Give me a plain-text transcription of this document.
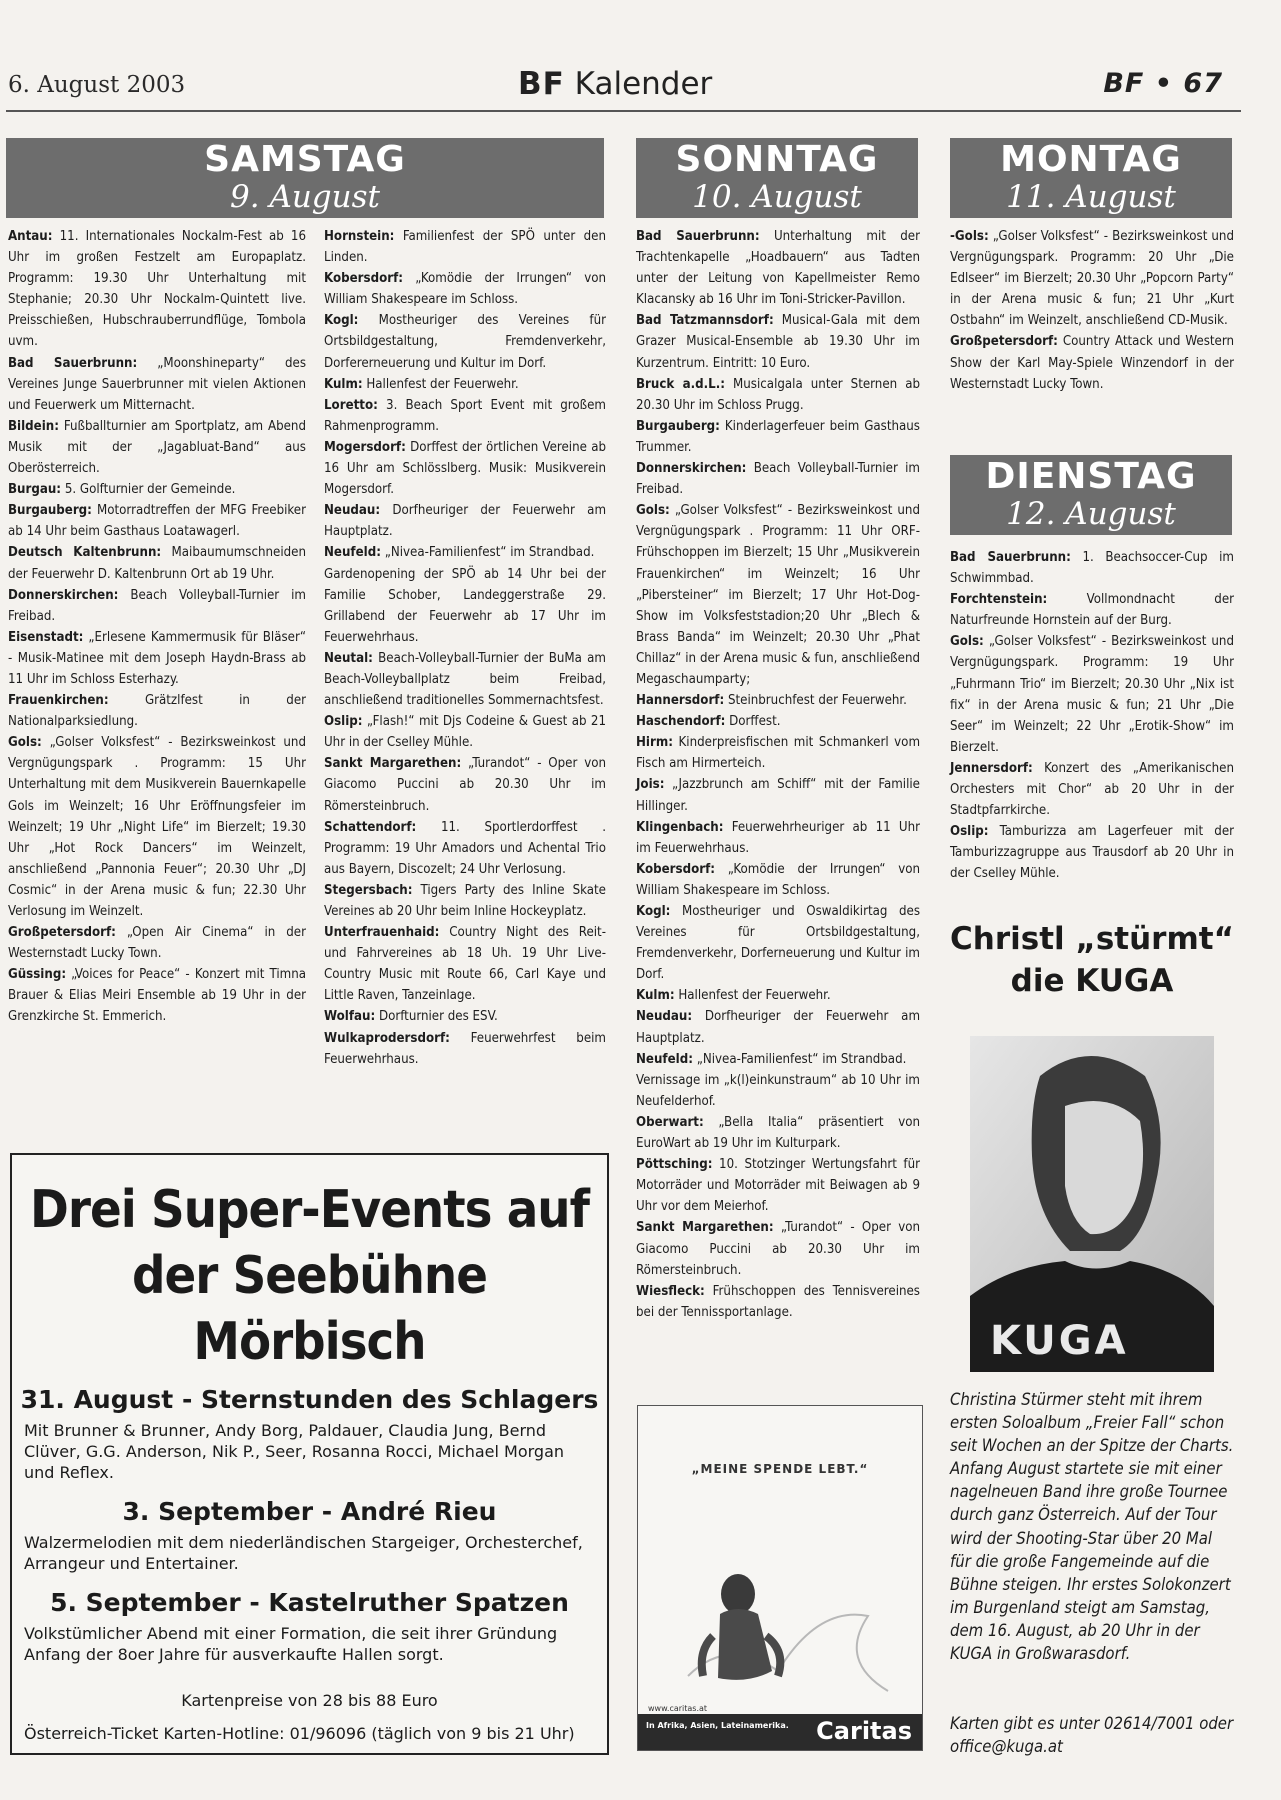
6. August 2003	BF Kalender	BF • 67
SAMSTAG
9. August

Antau: 11. Internationales Nockalm-Fest ab 16 Uhr im großen Festzelt am Europaplatz. Programm: 19.30 Uhr Unterhaltung mit Stephanie; 20.30 Uhr Nockalm-Quintett live. Preisschießen, Hubschrauberrundflüge, Tombola uvm.

Bad Sauerbrunn: „Moonshineparty“ des Vereines Junge Sauerbrunner mit vielen Aktionen und Feuerwerk um Mitternacht.

Bildein: Fußballturnier am Sportplatz, am Abend Musik mit der „Jagabluat-Band“ aus Oberösterreich.

Burgau: 5. Golfturnier der Gemeinde.

Burgauberg: Motorradtreffen der MFG Freebiker ab 14 Uhr beim Gasthaus Loatawagerl.

Deutsch Kaltenbrunn: Maibaumumschneiden der Feuerwehr D. Kaltenbrunn Ort ab 19 Uhr.

Donnerskirchen: Beach Volleyball-Turnier im Freibad.

Eisenstadt: „Erlesene Kammermusik für Bläser“ - Musik-Matinee mit dem Joseph Haydn-Brass ab 11 Uhr im Schloss Esterhazy.

Frauenkirchen: Grätzlfest in der Nationalparksiedlung.

Gols: „Golser Volksfest“ - Bezirksweinkost und Vergnügungspark . Programm: 15 Uhr Unterhaltung mit dem Musikverein Bauernkapelle Gols im Weinzelt; 16 Uhr Eröffnungsfeier im Weinzelt; 19 Uhr „Night Life“ im Bierzelt; 19.30 Uhr „Hot Rock Dancers“ im Weinzelt, anschließend „Pannonia Feuer“; 20.30 Uhr „DJ Cosmic“ in der Arena music & fun; 22.30 Uhr Verlosung im Weinzelt.

Großpetersdorf: „Open Air Cinema“ in der Westernstadt Lucky Town.

Güssing: „Voices for Peace“ - Konzert mit Timna Brauer & Elias Meiri Ensemble ab 19 Uhr in der Grenzkirche St. Emmerich.

Hornstein: Familienfest der SPÖ unter den Linden.

Kobersdorf: „Komödie der Irrungen“ von William Shakespeare im Schloss.

Kogl: Mostheuriger des Vereines für Ortsbildgestaltung, Fremdenverkehr, Dorfererneuerung und Kultur im Dorf.

Kulm: Hallenfest der Feuerwehr.

Loretto: 3. Beach Sport Event mit großem Rahmenprogramm.

Mogersdorf: Dorffest der örtlichen Vereine ab 16 Uhr am Schlösslberg. Musik: Musikverein Mogersdorf.

Neudau: Dorfheuriger der Feuerwehr am Hauptplatz.

Neufeld: „Nivea-Familienfest“ im Strandbad.

Gardenopening der SPÖ ab 14 Uhr bei der Familie Schober, Landeggerstraße 29. Grillabend der Feuerwehr ab 17 Uhr im Feuerwehrhaus.

Neutal: Beach-Volleyball-Turnier der BuMa am Beach-Volleyballplatz beim Freibad, anschließend traditionelles Sommernachtsfest.

Oslip: „Flash!“ mit Djs Codeine & Guest ab 21 Uhr in der Cselley Mühle.

Sankt Margarethen: „Turandot“ - Oper von Giacomo Puccini ab 20.30 Uhr im Römersteinbruch.

Schattendorf: 11. Sportlerdorffest . Programm: 19 Uhr Amadors und Achental Trio aus Bayern, Discozelt; 24 Uhr Verlosung.

Stegersbach: Tigers Party des Inline Skate Vereines ab 20 Uhr beim Inline Hockeyplatz.

Unterfrauenhaid: Country Night des Reit- und Fahrvereines ab 18 Uh. 19 Uhr Live-Country Music mit Route 66, Carl Kaye und Little Raven, Tanzeinlage.

Wolfau: Dorfturnier des ESV.

Wulkaprodersdorf: Feuerwehrfest beim Feuerwehrhaus.

SONNTAG
10. August

Bad Sauerbrunn: Unterhaltung mit der Trachtenkapelle „Hoadbauern“ aus Tadten unter der Leitung von Kapellmeister Remo Klacansky ab 16 Uhr im Toni-Stricker-Pavillon.

Bad Tatzmannsdorf: Musical-Gala mit dem Grazer Musical-Ensemble ab 19.30 Uhr im Kurzentrum. Eintritt: 10 Euro.

Bruck a.d.L.: Musicalgala unter Sternen ab 20.30 Uhr im Schloss Prugg.

Burgauberg: Kinderlagerfeuer beim Gasthaus Trummer.

Donnerskirchen: Beach Volleyball-Turnier im Freibad.

Gols: „Golser Volksfest“ - Bezirksweinkost und Vergnügungspark . Programm: 11 Uhr ORF-Frühschoppen im Bierzelt; 15 Uhr „Musikverein Frauenkirchen“ im Weinzelt; 16 Uhr „Pibersteiner“ im Bierzelt; 17 Uhr Hot-Dog-Show im Volksfeststadion;20 Uhr „Blech & Brass Banda“ im Weinzelt; 20.30 Uhr „Phat Chillaz“ in der Arena music & fun, anschließend Megaschaumparty;

Hannersdorf: Steinbruchfest der Feuerwehr.

Haschendorf: Dorffest.

Hirm: Kinderpreisfischen mit Schmankerl vom Fisch am Hirmerteich.

Jois: „Jazzbrunch am Schiff“ mit der Familie Hillinger.

Klingenbach: Feuerwehrheuriger ab 11 Uhr im Feuerwehrhaus.

Kobersdorf: „Komödie der Irrungen“ von William Shakespeare im Schloss.

Kogl: Mostheuriger und Oswaldikirtag des Vereines für Ortsbildgestaltung, Fremdenverkehr, Dorferneuerung und Kultur im Dorf.

Kulm: Hallenfest der Feuerwehr.

Neudau: Dorfheuriger der Feuerwehr am Hauptplatz.

Neufeld: „Nivea-Familienfest“ im Strandbad.

Vernissage im „k(l)einkunstraum“ ab 10 Uhr im Neufelderhof.

Oberwart: „Bella Italia“ präsentiert von EuroWart ab 19 Uhr im Kulturpark.

Pöttsching: 10. Stotzinger Wertungsfahrt für Motorräder und Motorräder mit Beiwagen ab 9 Uhr vor dem Meierhof.

Sankt Margarethen: „Turandot“ - Oper von Giacomo Puccini ab 20.30 Uhr im Römersteinbruch.

Wiesfleck: Frühschoppen des Tennisvereines bei der Tennissportanlage.

MONTAG
11. August

-Gols: „Golser Volksfest“ - Bezirksweinkost und Vergnügungspark. Programm: 20 Uhr „Die Edlseer“ im Bierzelt; 20.30 Uhr „Popcorn Party“ in der Arena music & fun; 21 Uhr „Kurt Ostbahn“ im Weinzelt, anschließend CD-Musik.

Großpetersdorf: Country Attack und Western Show der Karl May-Spiele Winzendorf in der Westernstadt Lucky Town.

DIENSTAG
12. August

Bad Sauerbrunn: 1. Beachsoccer-Cup im Schwimmbad.

Forchtenstein: Vollmondnacht der Naturfreunde Hornstein auf der Burg.

Gols: „Golser Volksfest“ - Bezirksweinkost und Vergnügungspark. Programm: 19 Uhr „Fuhrmann Trio“ im Bierzelt; 20.30 Uhr „Nix ist fix“ in der Arena music & fun; 21 Uhr „Die Seer“ im Weinzelt; 22 Uhr „Erotik-Show“ im Bierzelt.

Jennersdorf: Konzert des „Amerikanischen Orchesters mit Chor“ ab 20 Uhr in der Stadtpfarrkirche.

Oslip: Tamburizza am Lagerfeuer mit der Tamburizzagruppe aus Trausdorf ab 20 Uhr in der Cselley Mühle.

Drei Super-Events auf
der Seebühne Mörbisch
31. August - Sternstunden des Schlagers
Mit Brunner & Brunner, Andy Borg, Paldauer, Claudia Jung, Bernd Clüver, G.G. Anderson, Nik P., Seer, Rosanna Rocci, Michael Morgan und Reflex.
3. September - André Rieu
Walzermelodien mit dem niederländischen Stargeiger, Orchesterchef, Arrangeur und Entertainer.
5. September - Kastelruther Spatzen
Volkstümlicher Abend mit einer Formation, die seit ihrer Gründung Anfang der 8oer Jahre für ausverkaufte Hallen sorgt.
Kartenpreise von 28 bis 88 Euro
Österreich-Ticket Karten-Hotline: 01/96096 (täglich von 9 bis 21 Uhr)
„MEINE SPENDE LEBT.“
www.caritas.at
In Afrika, Asien, Lateinamerika. Caritas
Christl „stürmt“
die KUGA
KUGA
Christina Stürmer steht mit ihrem ersten Soloalbum „Freier Fall“ schon seit Wochen an der Spitze der Charts. Anfang August startete sie mit einer nagelneuen Band ihre große Tournee durch ganz Österreich. Auf der Tour wird der Shooting-Star über 20 Mal für die große Fangemeinde auf die Bühne steigen. Ihr erstes Solokonzert im Burgenland steigt am Samstag, dem 16. August, ab 20 Uhr in der KUGA in Großwarasdorf.
Karten gibt es unter 02614/7001 oder office@kuga.at
